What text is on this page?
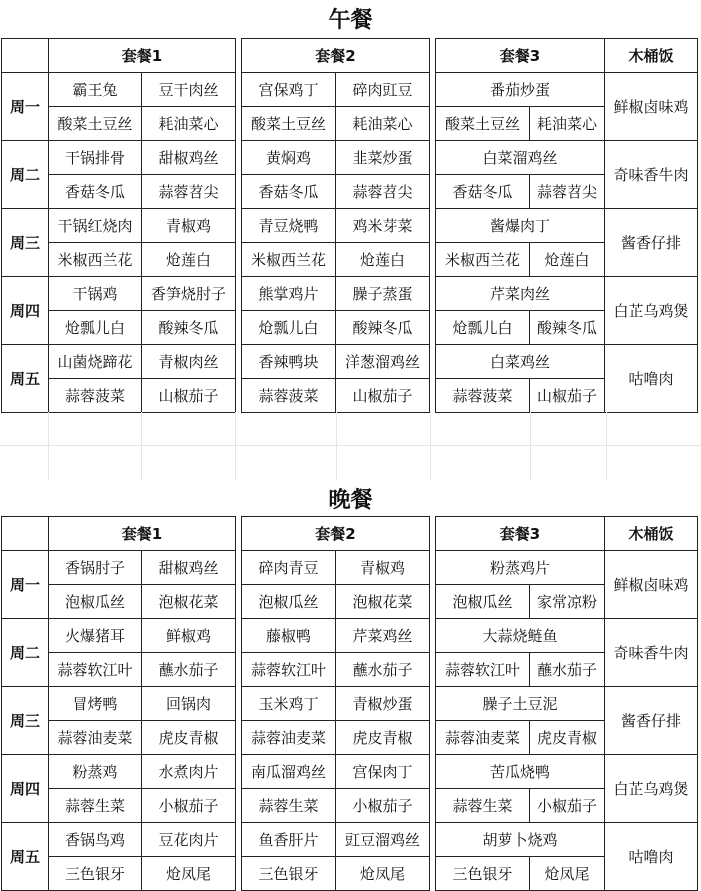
午餐
	套餐1			套餐2			套餐3		木桶饭
周一	霸王兔	豆干肉丝		宫保鸡丁	碎肉豇豆		番茄炒蛋		鲜椒卤味鸡
	酸菜土豆丝	耗油菜心		酸菜土豆丝	耗油菜心		酸菜土豆丝	耗油菜心	
周二	干锅排骨	甜椒鸡丝		黄焖鸡	韭菜炒蛋		白菜溜鸡丝		奇味香牛肉
	香菇冬瓜	蒜蓉苕尖		香菇冬瓜	蒜蓉苕尖		香菇冬瓜	蒜蓉苕尖	
周三	干锅红烧肉	青椒鸡		青豆烧鸭	鸡米芽菜		酱爆肉丁		酱香仔排
	米椒西兰花	炝莲白		米椒西兰花	炝莲白		米椒西兰花	炝莲白	
周四	干锅鸡	香笋烧肘子		熊掌鸡片	臊子蒸蛋		芹菜肉丝		白芷乌鸡煲
	炝瓢儿白	酸辣冬瓜		炝瓢儿白	酸辣冬瓜		炝瓢儿白	酸辣冬瓜	
周五	山菌烧蹄花	青椒肉丝		香辣鸭块	洋葱溜鸡丝		白菜鸡丝		咕噜肉
	蒜蓉菠菜	山椒茄子		蒜蓉菠菜	山椒茄子		蒜蓉菠菜	山椒茄子	
晚餐
	套餐1			套餐2			套餐3		木桶饭
周一	香锅肘子	甜椒鸡丝		碎肉青豆	青椒鸡		粉蒸鸡片		鲜椒卤味鸡
	泡椒瓜丝	泡椒花菜		泡椒瓜丝	泡椒花菜		泡椒瓜丝	家常凉粉	
周二	火爆猪耳	鲜椒鸡		藤椒鸭	芹菜鸡丝		大蒜烧鲢鱼		奇味香牛肉
	蒜蓉软江叶	蘸水茄子		蒜蓉软江叶	蘸水茄子		蒜蓉软江叶	蘸水茄子	
周三	冒烤鸭	回锅肉		玉米鸡丁	青椒炒蛋		臊子土豆泥		酱香仔排
	蒜蓉油麦菜	虎皮青椒		蒜蓉油麦菜	虎皮青椒		蒜蓉油麦菜	虎皮青椒	
周四	粉蒸鸡	水煮肉片		南瓜溜鸡丝	宫保肉丁		苦瓜烧鸭		白芷乌鸡煲
	蒜蓉生菜	小椒茄子		蒜蓉生菜	小椒茄子		蒜蓉生菜	小椒茄子	
周五	香锅鸟鸡	豆花肉片		鱼香肝片	豇豆溜鸡丝		胡萝卜烧鸡		咕噜肉
	三色银牙	炝凤尾		三色银牙	炝凤尾		三色银牙	炝凤尾	
